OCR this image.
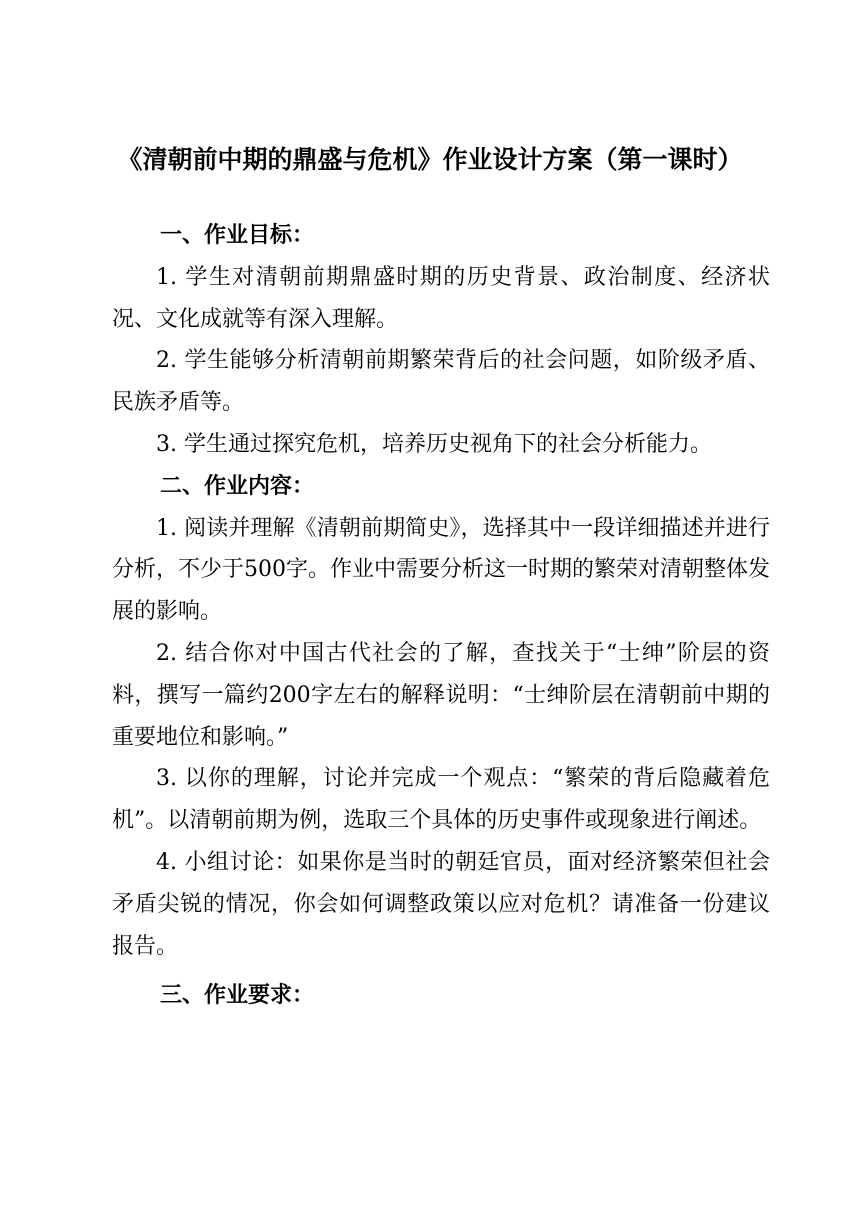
《清朝前中期的鼎盛与危机》作业设计方案（第一课时）

一、作业目标：

1. 学生对清朝前期鼎盛时期的历史背景、政治制度、经济状况、文化成就等有深入理解。

2. 学生能够分析清朝前期繁荣背后的社会问题，如阶级矛盾、民族矛盾等。

3. 学生通过探究危机，培养历史视角下的社会分析能力。

二、作业内容：

1. 阅读并理解《清朝前期简史》，选择其中一段详细描述并进行分析，不少于500字。作业中需要分析这一时期的繁荣对清朝整体发展的影响。

2. 结合你对中国古代社会的了解，查找关于“士绅”阶层的资料，撰写一篇约200字左右的解释说明：“士绅阶层在清朝前中期的重要地位和影响。”

3. 以你的理解，讨论并完成一个观点：“繁荣的背后隐藏着危机”。以清朝前期为例，选取三个具体的历史事件或现象进行阐述。

4. 小组讨论：如果你是当时的朝廷官员，面对经济繁荣但社会矛盾尖锐的情况，你会如何调整政策以应对危机？请准备一份建议报告。

三、作业要求：
